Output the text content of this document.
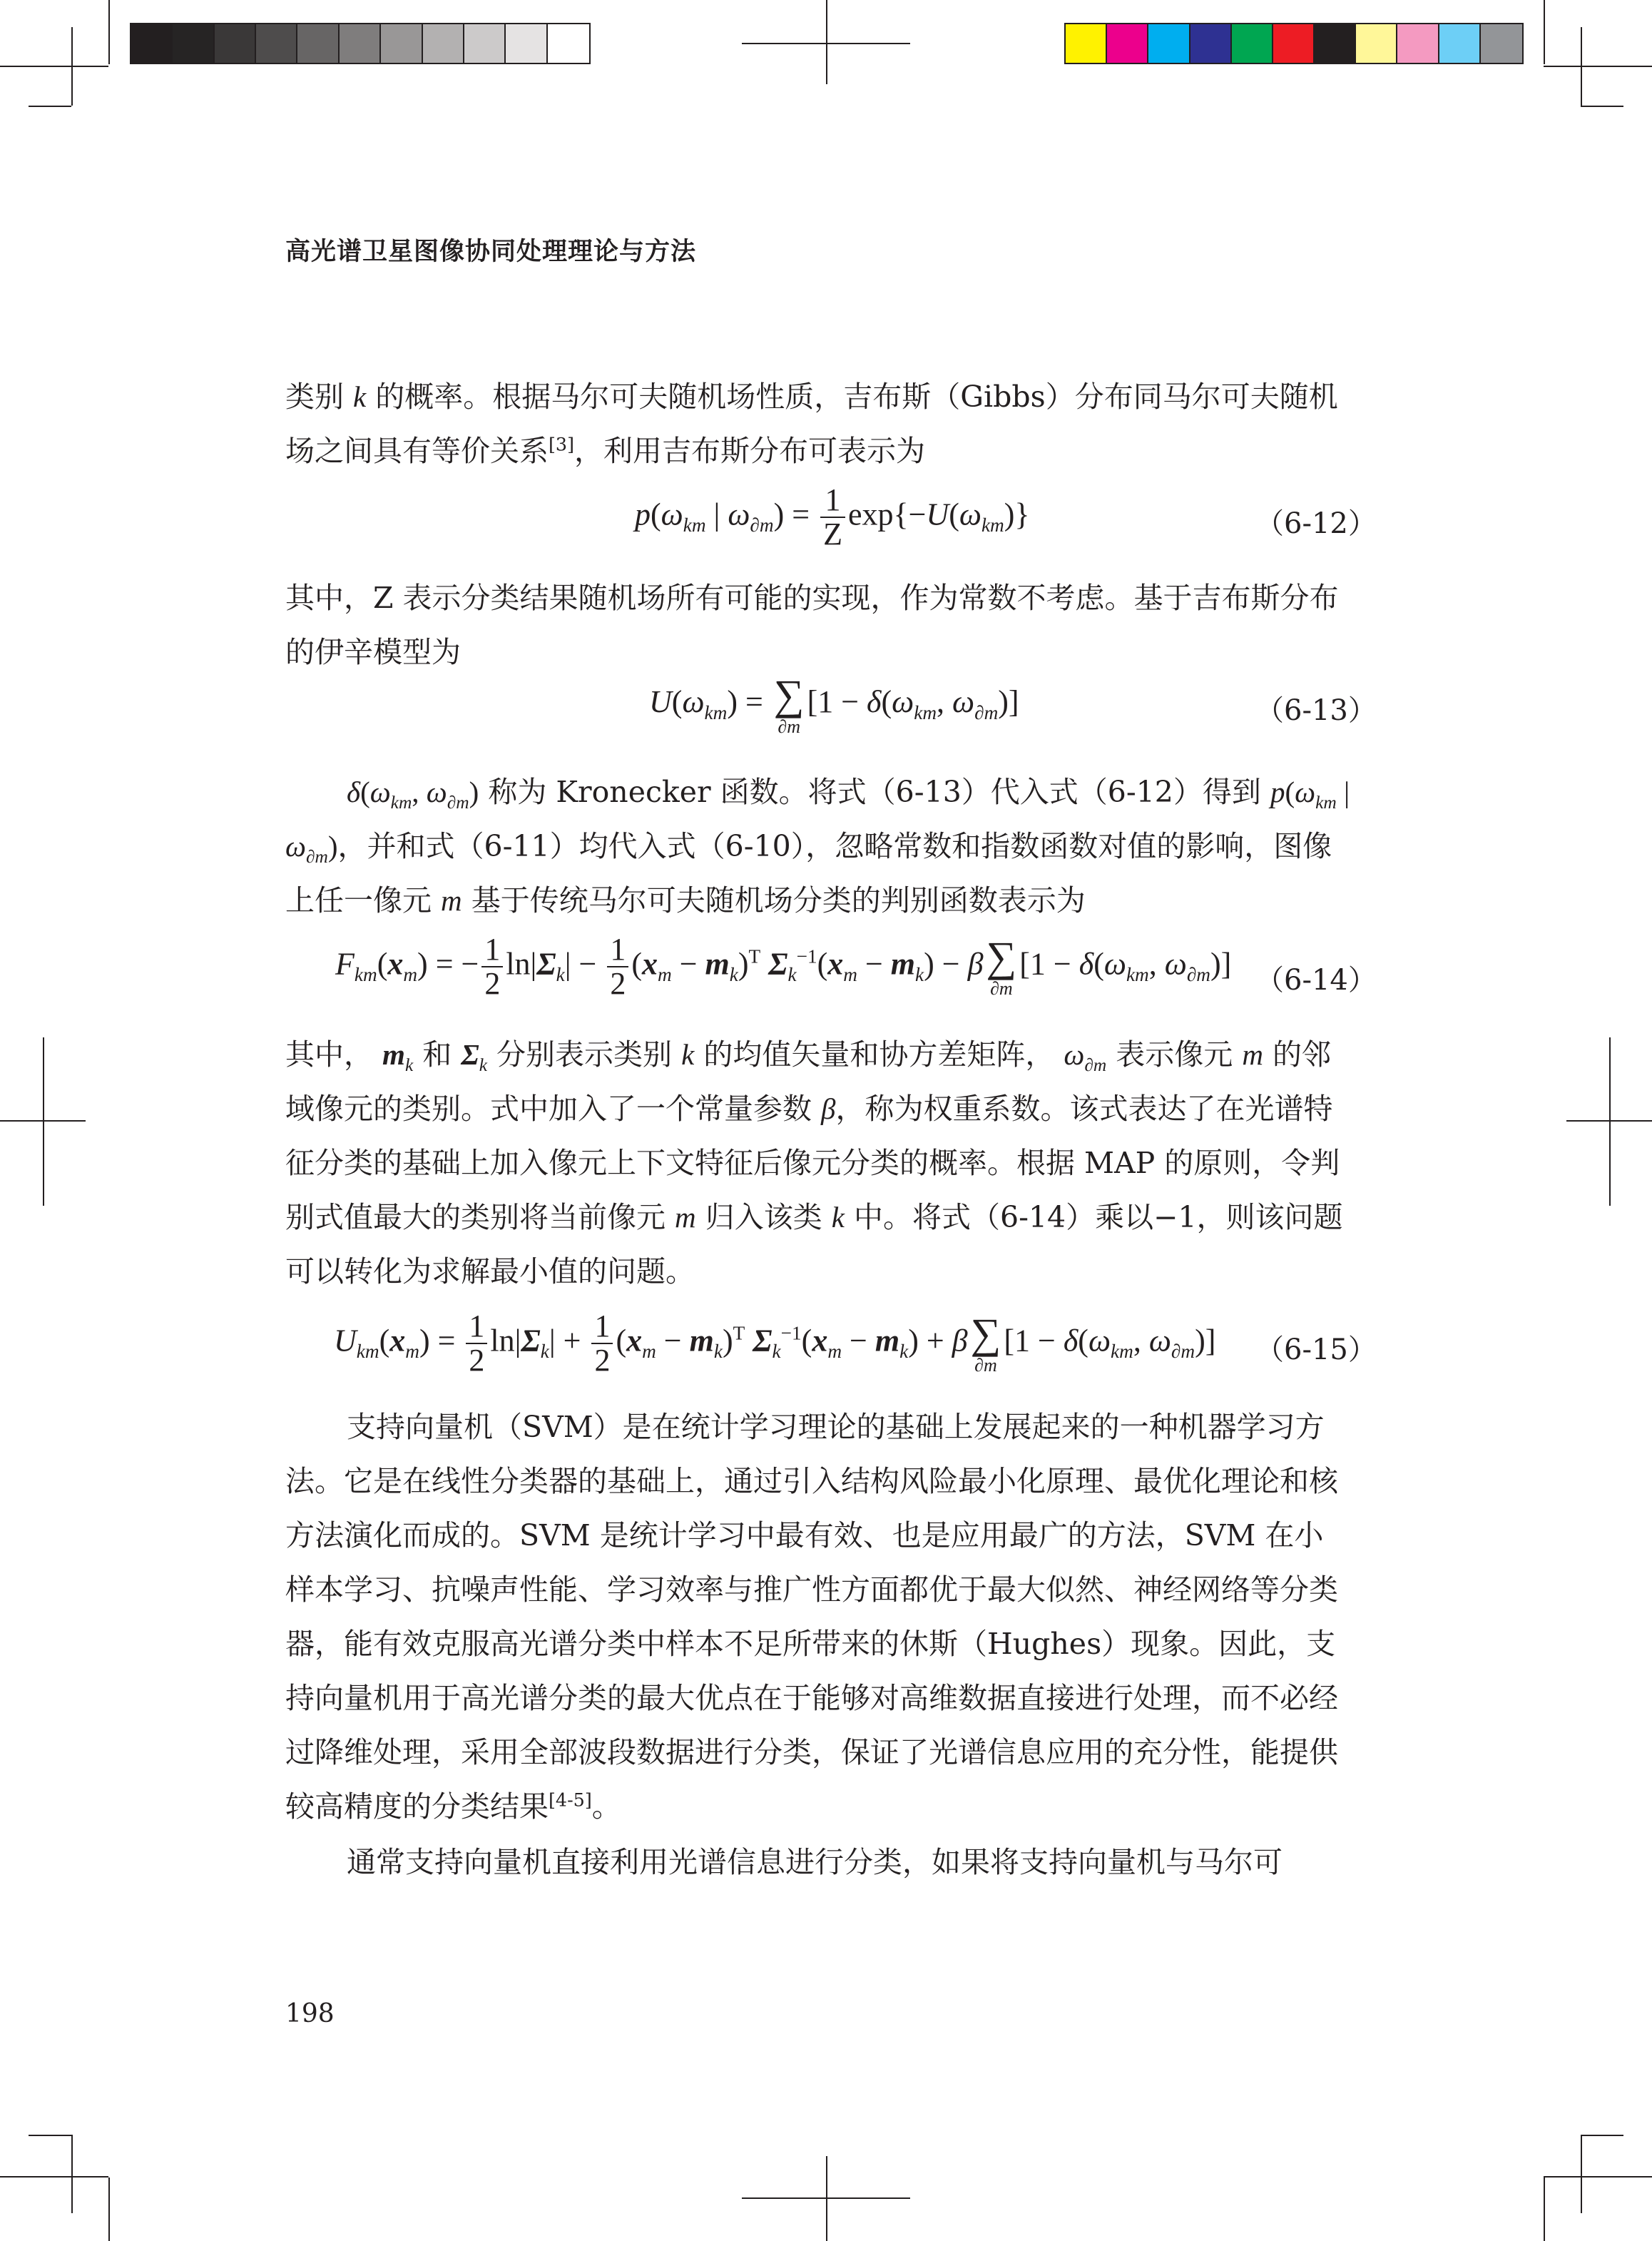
高光谱卫星图像协同处理理论与方法
类别 k 的概率。根据马尔可夫随机场性质，吉布斯（Gibbs）分布同马尔可夫随机场之间具有等价关系[3]，利用吉布斯分布可表示为
$p(\omega_{km}$ | $\omega_{\partial m}) = \frac{1}{Z} \exp\{-U(\omega_{km})\}$	（6-12）
其中，Z 表示分类结果随机场所有可能的实现，作为常数不考虑。基于吉布斯分布的伊辛模型为
$U(\omega_{km})$ = ∑
∂m
[$1 - \delta(\omega_{km}$, $\omega_{\partial m}$)]	（6-13）
$\delta(\omega_{km}$, $\omega_{\partial m}$) 称为 Kronecker 函数。将式（6-13）代入式（6-12）得到 $p(\omega_{km}$ | $\omega_{\partial m}$)，并和式（6-11）均代入式（6-10），忽略常数和指数函数对值的影响，图像上任一像元 m 基于传统马尔可夫随机场分类的判别函数表示为
$F_{km}(x_m)$ = − $\frac{1}{2} \ln|\Sigma_k| - \frac{1}{2} (x_m - m_k)^T$ $\Sigma_k^{-1}(x_m - m_k) - \beta$ ∑
∂m
[$1 - \delta(\omega_{km}$, $\omega_{\partial m}$)] （6-14）
其中， $m_k$ 和 $\Sigma_k$ 分别表示类别 k 的均值矢量和协方差矩阵， $\omega_{\partial m}$ 表示像元 m 的邻域像元的类别。式中加入了一个常量参数 β，称为权重系数。该式表达了在光谱特征分类的基础上加入像元上下文特征后像元分类的概率。根据 MAP 的原则，令判别式值最大的类别将当前像元 m 归入该类 k 中。将式（6-14）乘以−1，则该问题可以转化为求解最小值的问题。
$U_{km}(x_m) = \frac{1}{2} \ln|\Sigma_k| + \frac{1}{2} (x_m - m_k)^T$ $\Sigma_k^{-1}(x_m - m_k) + \beta$ ∑
∂m
[$1 - \delta(\omega_{km}$, $\omega_{\partial m}$)] （6-15）
支持向量机（SVM）是在统计学习理论的基础上发展起来的一种机器学习方法。它是在线性分类器的基础上，通过引入结构风险最小化原理、最优化理论和核方法演化而成的。SVM 是统计学习中最有效、也是应用最广的方法，SVM 在小样本学习、抗噪声性能、学习效率与推广性方面都优于最大似然、神经网络等分类器，能有效克服高光谱分类中样本不足所带来的休斯（Hughes）现象。因此，支持向量机用于高光谱分类的最大优点在于能够对高维数据直接进行处理，而不必经过降维处理，采用全部波段数据进行分类，保证了光谱信息应用的充分性，能提供较高精度的分类结果[4-5]。
通常支持向量机直接利用光谱信息进行分类，如果将支持向量机与马尔可
198
